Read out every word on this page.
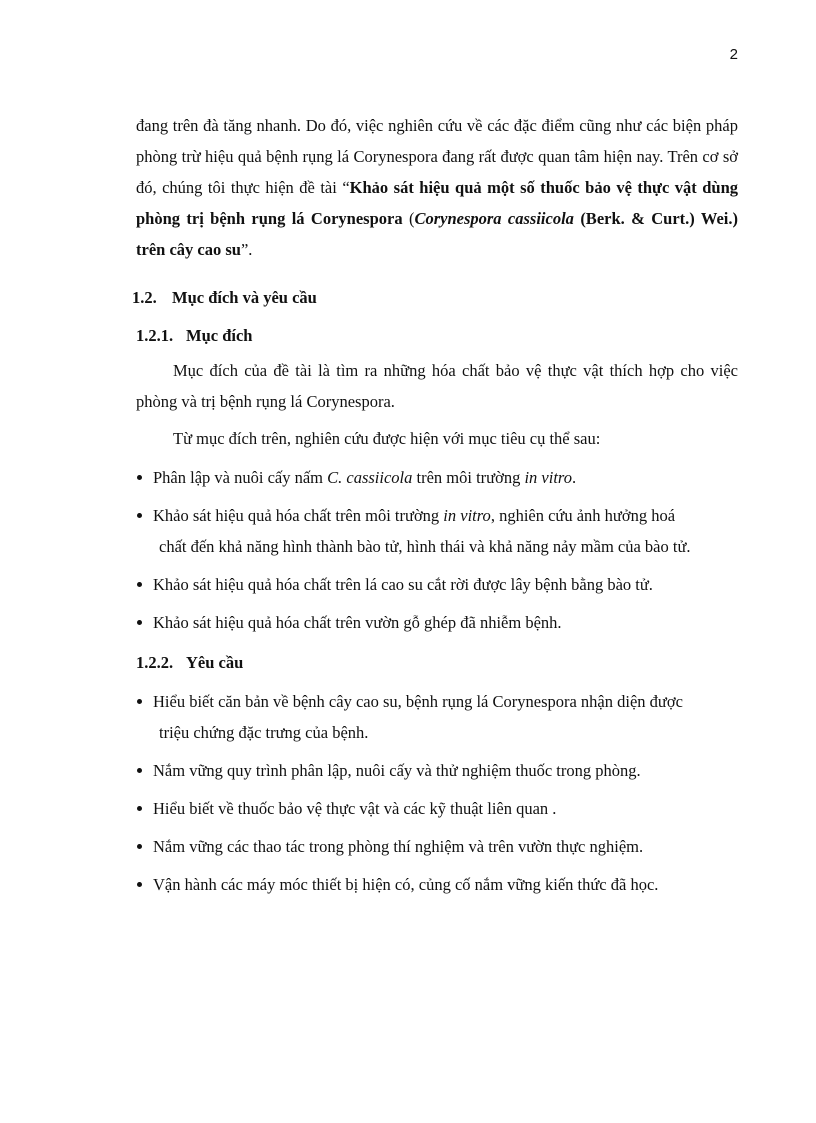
2

đang trên đà tăng nhanh. Do đó, việc nghiên cứu về các đặc điểm cũng như các biện pháp phòng trừ hiệu quả bệnh rụng lá Corynespora đang rất được quan tâm hiện nay. Trên cơ sở đó, chúng tôi thực hiện đề tài “Khảo sát hiệu quả một số thuốc bảo vệ thực vật dùng phòng trị bệnh rụng lá Corynespora (Corynespora cassiicola (Berk. & Curt.) Wei.) trên cây cao su”.

1.2. Mục đích và yêu cầu

1.2.1. Mục đích

Mục đích của đề tài là tìm ra những hóa chất bảo vệ thực vật thích hợp cho việc phòng và trị bệnh rụng lá Corynespora.

Từ mục đích trên, nghiên cứu được hiện với mục tiêu cụ thể sau:

Phân lập và nuôi cấy nấm C. cassiicola trên môi trường in vitro.
Khảo sát hiệu quả hóa chất trên môi trường in vitro, nghiên cứu ảnh hưởng hoá
chất đến khả năng hình thành bào tử, hình thái và khả năng nảy mầm của bào tử.
Khảo sát hiệu quả hóa chất trên lá cao su cắt rời được lây bệnh bằng bào tử.
Khảo sát hiệu quả hóa chất trên vườn gỗ ghép đã nhiễm bệnh.

1.2.2. Yêu cầu

Hiểu biết căn bản về bệnh cây cao su, bệnh rụng lá Corynespora nhận diện được
triệu chứng đặc trưng của bệnh.
Nắm vững quy trình phân lập, nuôi cấy và thử nghiệm thuốc trong phòng.
Hiểu biết về thuốc bảo vệ thực vật và các kỹ thuật liên quan .
Nắm vững các thao tác trong phòng thí nghiệm và trên vườn thực nghiệm.
Vận hành các máy móc thiết bị hiện có, củng cố nắm vững kiến thức đã học.
